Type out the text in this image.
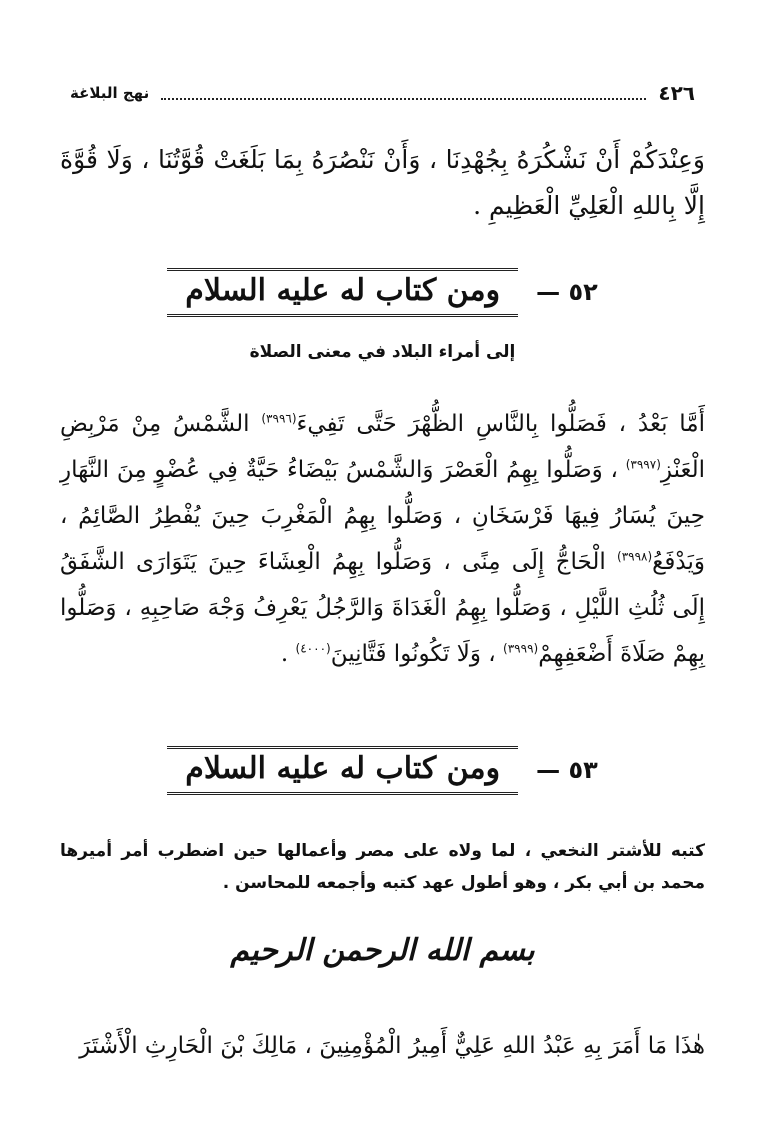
٤٢٦
نهج البلاغة

وَعِنْدَكُمْ أَنْ نَشْكُرَهُ بِجُهْدِنَا ، وَأَنْ نَنْصُرَهُ بِمَا بَلَغَتْ قُوَّتُنَا ، وَلَا قُوَّةَ إِلَّا بِاللهِ الْعَلِيِّ الْعَظِيمِ .

٥٢ —
ومن كتاب له عليه السلام
إلى أمراء البلاد في معنى الصلاة

أَمَّا بَعْدُ ، فَصَلُّوا بِالنَّاسِ الظُّهْرَ حَتَّى تَفِيءَ$^{(٣٩٩٦)}$ الشَّمْسُ مِنْ مَرْبِضِ الْعَنْزِ$^{(٣٩٩٧)}$ ، وَصَلُّوا بِهِمُ الْعَصْرَ وَالشَّمْسُ بَيْضَاءُ حَيَّةٌ فِي عُضْوٍ مِنَ النَّهَارِ حِينَ يُسَارُ فِيهَا فَرْسَخَانِ ، وَصَلُّوا بِهِمُ الْمَغْرِبَ حِينَ يُفْطِرُ الصَّائِمُ ، وَيَدْفَعُ$^{(٣٩٩٨)}$ الْحَاجُّ إِلَى مِنًى ، وَصَلُّوا بِهِمُ الْعِشَاءَ حِينَ يَتَوَارَى الشَّفَقُ إِلَى ثُلُثِ اللَّيْلِ ، وَصَلُّوا بِهِمُ الْغَدَاةَ وَالرَّجُلُ يَعْرِفُ وَجْهَ صَاحِبِهِ ، وَصَلُّوا بِهِمْ صَلَاةَ أَضْعَفِهِمْ$^{(٣٩٩٩)}$ ، وَلَا تَكُونُوا فَتَّانِينَ$^{(٤٠٠٠)}$ .

٥٣ —
ومن كتاب له عليه السلام

كتبه للأشتر النخعي ، لما ولاه على مصر وأعمالها حين اضطرب أمر أميرها محمد بن أبي بكر ، وهو أطول عهد كتبه وأجمعه للمحاسن .

بسم الله الرحمن الرحيم

هٰذَا مَا أَمَرَ بِهِ عَبْدُ اللهِ عَلِيٌّ أَمِيرُ الْمُؤْمِنِينَ ، مَالِكَ بْنَ الْحَارِثِ الْأَشْتَرَ
